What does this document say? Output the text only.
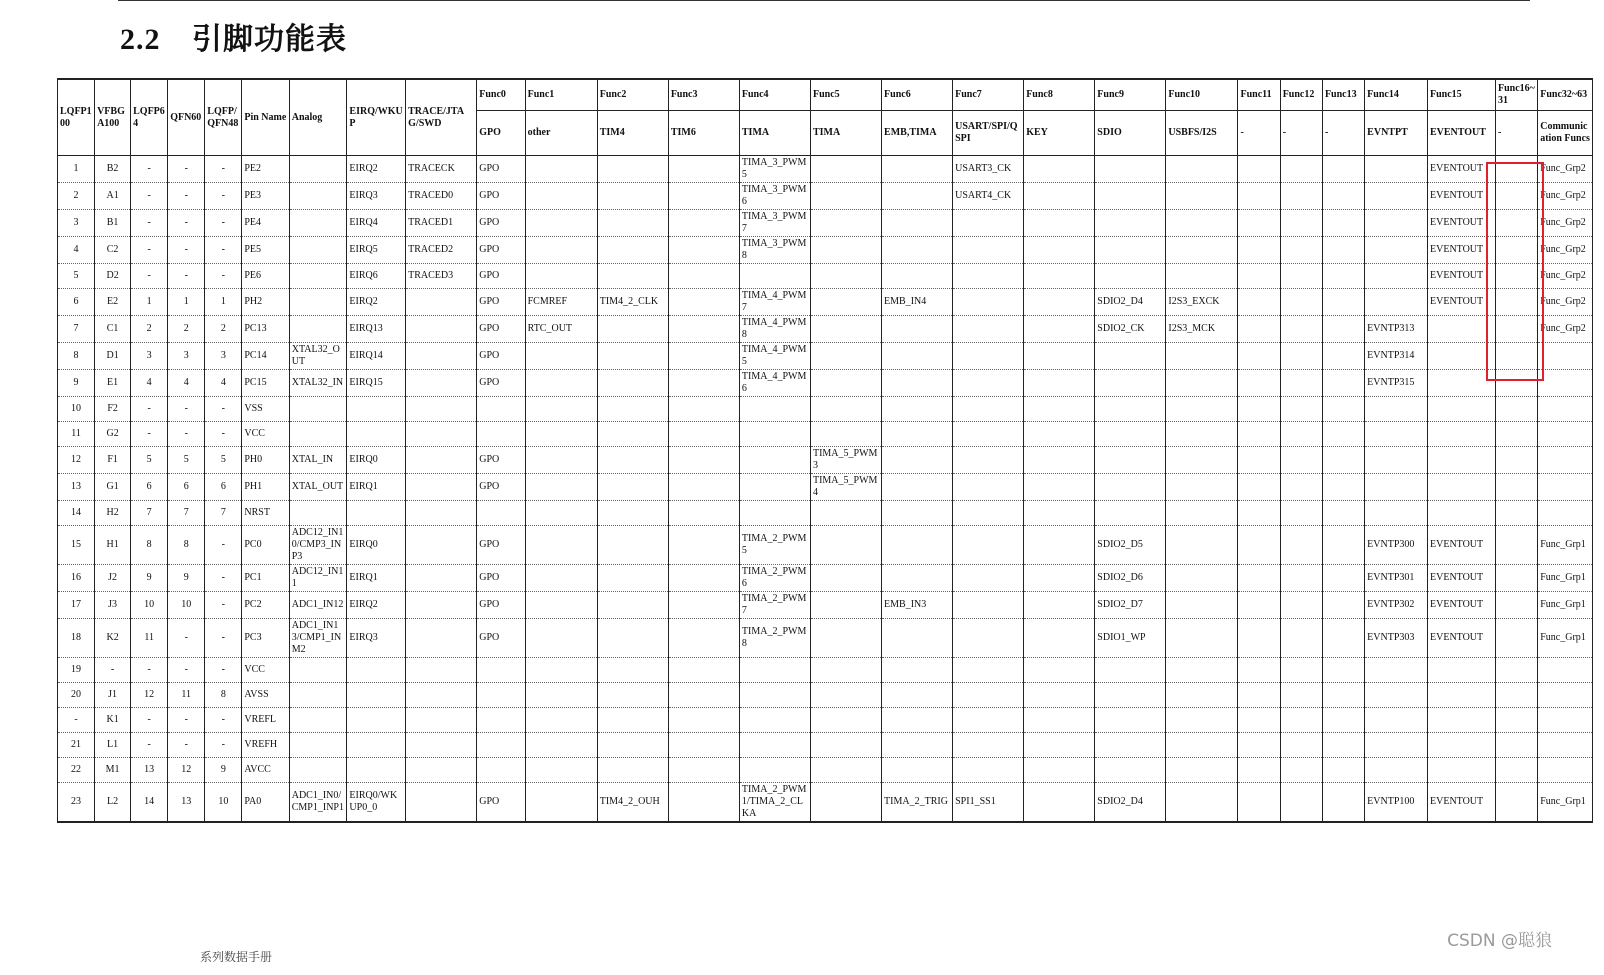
2.2 引脚功能表
LQFP100	VFBGA100	LQFP64	QFN60	LQFP/QFN48	Pin Name	Analog	EIRQ/WKUP	TRACE/JTAG/SWD	Func0	Func1	Func2	Func3	Func4	Func5	Func6	Func7	Func8	Func9	Func10	Func11	Func12	Func13	Func14	Func15	Func16~31	Func32~63
									GPO	other	TIM4	TIM6	TIMA	TIMA	EMB,TIMA	USART/SPI/QSPI	KEY	SDIO	USBFS/I2S	-	-	-	EVNTPT	EVENTOUT	-	Communication Funcs
1	B2	-	-	-	PE2		EIRQ2	TRACECK	GPO				TIMA_3_PWM5			USART3_CK								EVENTOUT		Func_Grp2
2	A1	-	-	-	PE3		EIRQ3	TRACED0	GPO				TIMA_3_PWM6			USART4_CK								EVENTOUT		Func_Grp2
3	B1	-	-	-	PE4		EIRQ4	TRACED1	GPO				TIMA_3_PWM7											EVENTOUT		Func_Grp2
4	C2	-	-	-	PE5		EIRQ5	TRACED2	GPO				TIMA_3_PWM8											EVENTOUT		Func_Grp2
5	D2	-	-	-	PE6		EIRQ6	TRACED3	GPO															EVENTOUT		Func_Grp2
6	E2	1	1	1	PH2		EIRQ2		GPO	FCMREF	TIM4_2_CLK		TIMA_4_PWM7		EMB_IN4			SDIO2_D4	I2S3_EXCK					EVENTOUT		Func_Grp2
7	C1	2	2	2	PC13		EIRQ13		GPO	RTC_OUT			TIMA_4_PWM8					SDIO2_CK	I2S3_MCK				EVNTP313			Func_Grp2
8	D1	3	3	3	PC14	XTAL32_OUT	EIRQ14		GPO				TIMA_4_PWM5										EVNTP314			
9	E1	4	4	4	PC15	XTAL32_IN	EIRQ15		GPO				TIMA_4_PWM6										EVNTP315			
10	F2	-	-	-	VSS																					
11	G2	-	-	-	VCC																					
12	F1	5	5	5	PH0	XTAL_IN	EIRQ0		GPO					TIMA_5_PWM3												
13	G1	6	6	6	PH1	XTAL_OUT	EIRQ1		GPO					TIMA_5_PWM4												
14	H2	7	7	7	NRST																					
15	H1	8	8	-	PC0	ADC12_IN10/CMP3_INP3	EIRQ0		GPO				TIMA_2_PWM5					SDIO2_D5					EVNTP300	EVENTOUT		Func_Grp1
16	J2	9	9	-	PC1	ADC12_IN11	EIRQ1		GPO				TIMA_2_PWM6					SDIO2_D6					EVNTP301	EVENTOUT		Func_Grp1
17	J3	10	10	-	PC2	ADC1_IN12	EIRQ2		GPO				TIMA_2_PWM7		EMB_IN3			SDIO2_D7					EVNTP302	EVENTOUT		Func_Grp1
18	K2	11	-	-	PC3	ADC1_IN13/CMP1_INM2	EIRQ3		GPO				TIMA_2_PWM8					SDIO1_WP					EVNTP303	EVENTOUT		Func_Grp1
19	-	-	-	-	VCC																					
20	J1	12	11	8	AVSS																					
-	K1	-	-	-	VREFL																					
21	L1	-	-	-	VREFH																					
22	M1	13	12	9	AVCC																					
23	L2	14	13	10	PA0	ADC1_IN0/CMP1_INP1	EIRQ0/WKUP0_0		GPO		TIM4_2_OUH		TIMA_2_PWM1/TIMA_2_CLKA		TIMA_2_TRIG	SPI1_SS1		SDIO2_D4					EVNTP100	EVENTOUT		Func_Grp1
系列数据手册
CSDN @聪狼
